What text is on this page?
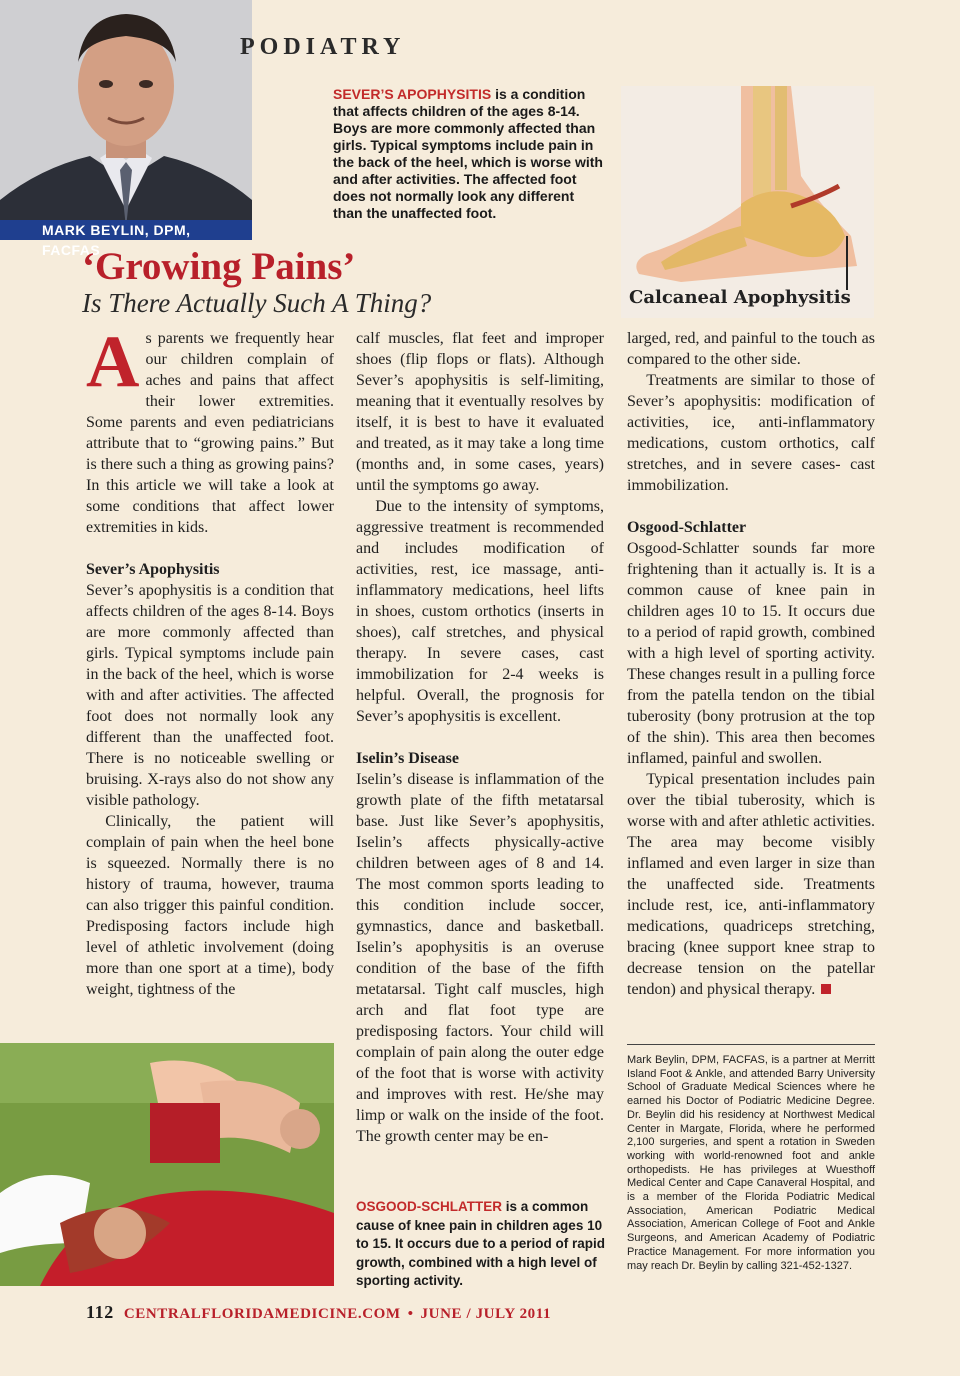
MARK BEYLIN, DPM, FACFAS
PODIATRY
SEVER’S APOPHYSITIS is a condition that affects children of the ages 8-14. Boys are more commonly affected than girls. Typical symptoms include pain in the back of the heel, which is worse with and after activities. The affected foot does not normally look any different than the unaffected foot.
Calcaneal Apophysitis
‘Growing Pains’
Is There Actually Such A Thing?

As parents we frequently hear our children complain of aches and pains that affect their lower extremities. Some parents and even pediatricians attribute that to “growing pains.” But is there such a thing as growing pains? In this article we will take a look at some conditions that affect lower extremities in kids.

Sever’s Apophysitis

Sever’s apophysitis is a condition that affects children of the ages 8-14. Boys are more commonly affected than girls. Typical symptoms include pain in the back of the heel, which is worse with and after activities. The affected foot does not normally look any different than the unaffected foot. There is no noticeable swelling or bruising. X-rays also do not show any visible pathology.

Clinically, the patient will complain of pain when the heel bone is squeezed. Normally there is no history of trauma, however, trauma can also trigger this painful condition. Predisposing factors include high level of athletic involvement (doing more than one sport at a time), body weight, tightness of the

calf muscles, flat feet and improper shoes (flip flops or flats). Although Sever’s apophysitis is self-limiting, meaning that it eventually resolves by itself, it is best to have it evaluated and treated, as it may take a long time (months and, in some cases, years) until the symptoms go away.

Due to the intensity of symptoms, aggressive treatment is recommended and includes modification of activities, rest, ice massage, anti-inflammatory medications, heel lifts in shoes, custom orthotics (inserts in shoes), calf stretches, and physical therapy. In severe cases, cast immobilization for 2-4 weeks is helpful. Overall, the prognosis for Sever’s apophysitis is excellent.

Iselin’s Disease

Iselin’s disease is inflammation of the growth plate of the fifth metatarsal base. Just like Sever’s apophysitis, Iselin’s affects physically-active children between ages of 8 and 14. The most common sports leading to this condition include soccer, gymnastics, dance and basketball. Iselin’s apophysitis is an overuse condition of the base of the fifth metatarsal. Tight calf muscles, high arch and flat foot type are predisposing factors. Your child will complain of pain along the outer edge of the foot that is worse with activity and improves with rest. He/she may limp or walk on the inside of the foot. The growth center may be en-

OSGOOD-SCHLATTER is a common cause of knee pain in children ages 10 to 15. It occurs due to a period of rapid growth, combined with a high level of sporting activity.

larged, red, and painful to the touch as compared to the other side.

Treatments are similar to those of Sever’s apophysitis: modification of activities, ice, anti-inflammatory medications, custom orthotics, calf stretches, and in severe cases- cast immobilization.

Osgood-Schlatter

Osgood-Schlatter sounds far more frightening than it actually is. It is a common cause of knee pain in children ages 10 to 15. It occurs due to a period of rapid growth, combined with a high level of sporting activity. These changes result in a pulling force from the patella tendon on the tibial tuberosity (bony protrusion at the top of the shin). This area then becomes inflamed, painful and swollen.

Typical presentation includes pain over the tibial tuberosity, which is worse with and after athletic activities. The area may become visibly inflamed and even larger in size than the unaffected side. Treatments include rest, ice, anti-inflammatory medications, quadriceps stretching, bracing (knee support knee strap to decrease tension on the patellar tendon) and physical therapy.

Mark Beylin, DPM, FACFAS, is a partner at Merritt Island Foot & Ankle, and attended Barry University School of Graduate Medical Sciences where he earned his Doctor of Podiatric Medicine Degree. Dr. Beylin did his residency at Northwest Medical Center in Margate, Florida, where he performed 2,100 surgeries, and spent a rotation in Sweden working with world-renowned foot and ankle orthopedists. He has privileges at Wuesthoff Medical Center and Cape Canaveral Hospital, and is a member of the Florida Podiatric Medical Association, American Podiatric Medical Association, American College of Foot and Ankle Surgeons, and American Academy of Podiatric Practice Management. For more information you may reach Dr. Beylin by calling 321-452-1327.
112 CENTRALFLORIDAMEDICINE.COM • JUNE / JULY 2011
